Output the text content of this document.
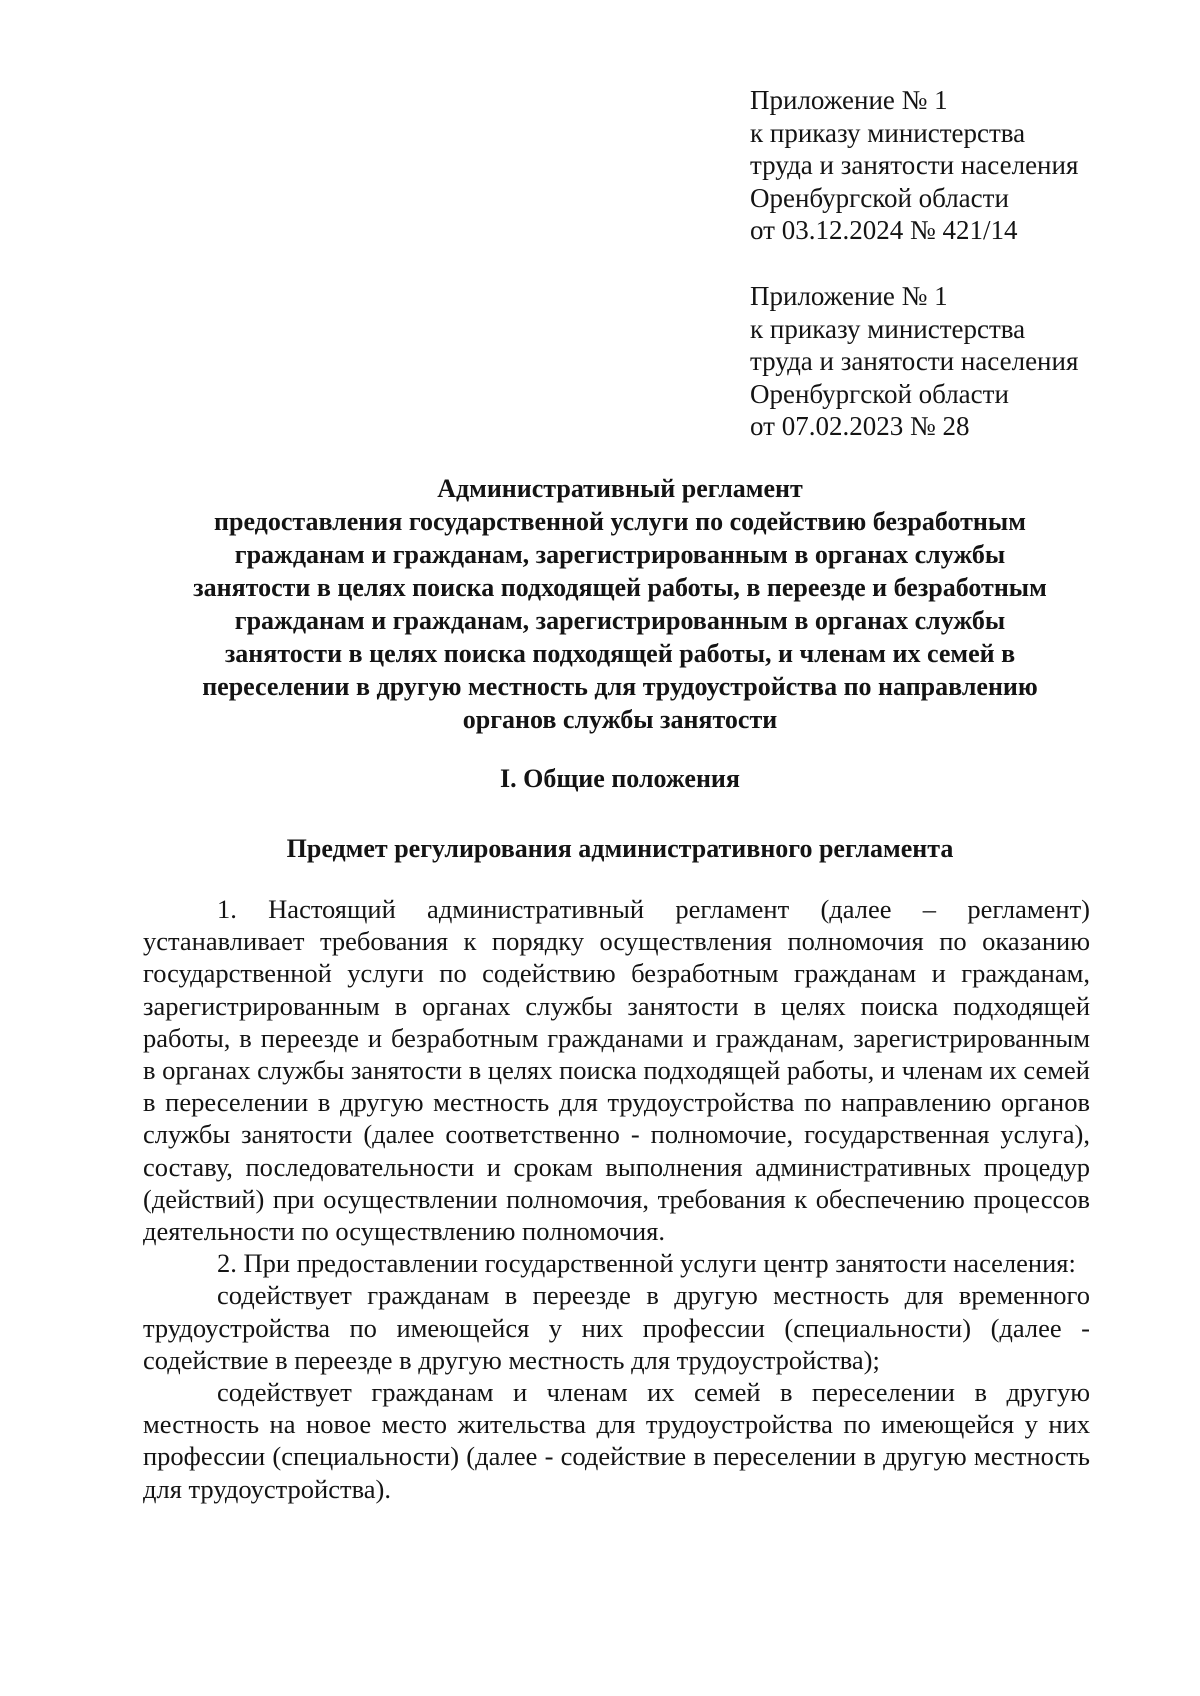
Приложение № 1
к приказу министерства
труда и занятости населения
Оренбургской области
от 03.12.2024 № 421/14
Приложение № 1
к приказу министерства
труда и занятости населения
Оренбургской области
от 07.02.2023 № 28
Административный регламент
предоставления государственной услуги по содействию безработным
гражданам и гражданам, зарегистрированным в органах службы
занятости в целях поиска подходящей работы, в переезде и безработным
гражданам и гражданам, зарегистрированным в органах службы
занятости в целях поиска подходящей работы, и членам их семей в
переселении в другую местность для трудоустройства по направлению
органов службы занятости
I. Общие положения
Предмет регулирования административного регламента

1. Настоящий административный регламент (далее – регламент) устанавливает требования к порядку осуществления полномочия по оказанию государственной услуги по содействию безработным гражданам и гражданам, зарегистрированным в органах службы занятости в целях поиска подходящей работы, в переезде и безработным гражданами и гражданам, зарегистрированным в органах службы занятости в целях поиска подходящей работы, и членам их семей в переселении в другую местность для трудоустройства по направлению органов службы занятости (далее соответственно - полномочие, государственная услуга), составу, последовательности и срокам выполнения административных процедур (действий) при осуществлении полномочия, требования к обеспечению процессов деятельности по осуществлению полномочия.

2. При предоставлении государственной услуги центр занятости населения:

содействует гражданам в переезде в другую местность для временного трудоустройства по имеющейся у них профессии (специальности) (далее - содействие в переезде в другую местность для трудоустройства);

содействует гражданам и членам их семей в переселении в другую местность на новое место жительства для трудоустройства по имеющейся у них профессии (специальности) (далее - содействие в переселении в другую местность для трудоустройства).
